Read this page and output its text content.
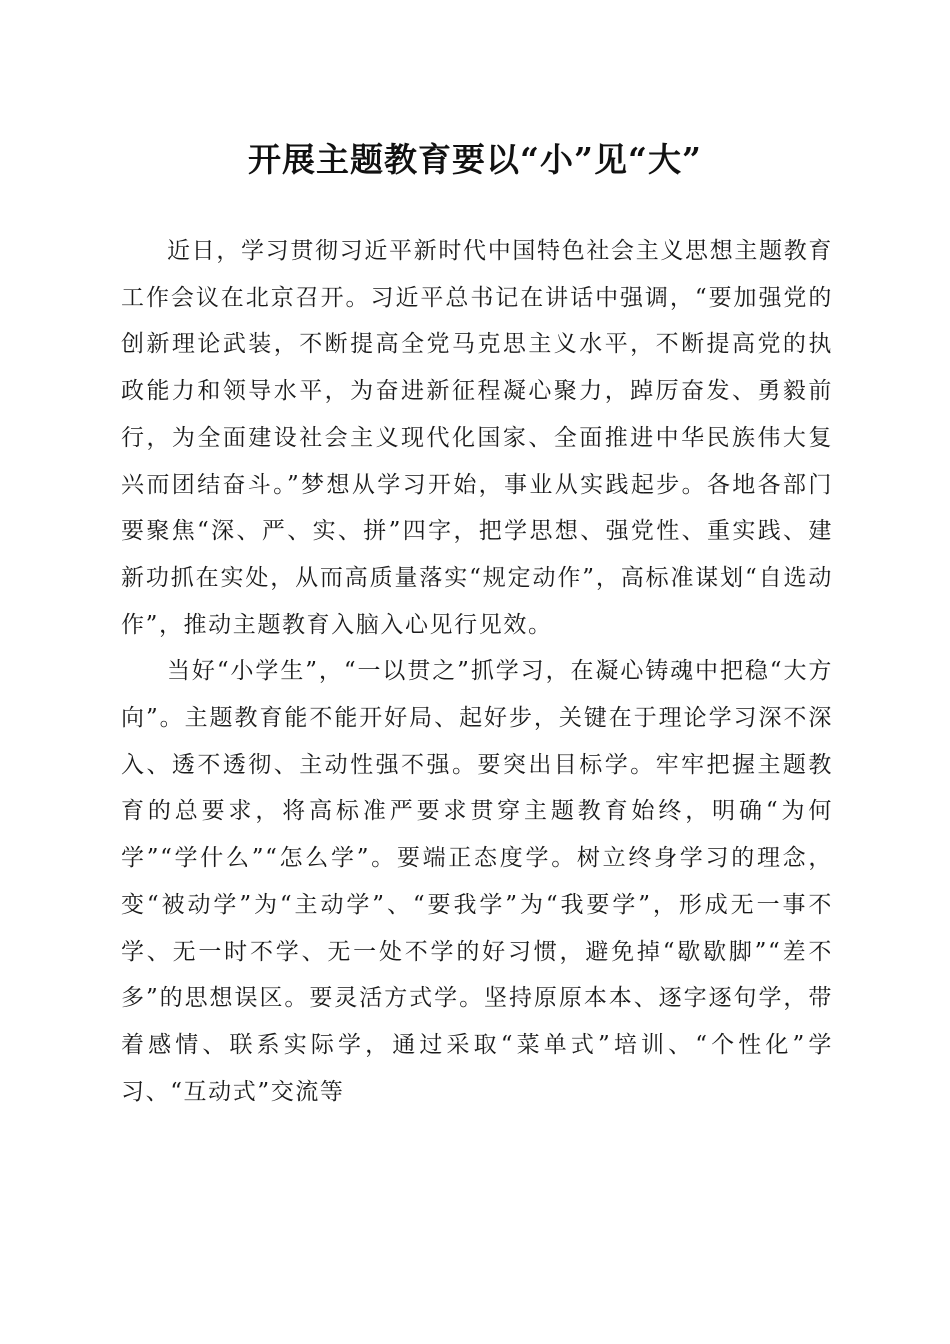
开展主题教育要以“小”见“大”

近日，学习贯彻习近平新时代中国特色社会主义思想主题教育工作会议在北京召开。习近平总书记在讲话中强调，“要加强党的创新理论武装，不断提高全党马克思主义水平，不断提高党的执政能力和领导水平，为奋进新征程凝心聚力，踔厉奋发、勇毅前行，为全面建设社会主义现代化国家、全面推进中华民族伟大复兴而团结奋斗。”梦想从学习开始，事业从实践起步。各地各部门要聚焦“深、严、实、拼”四字，把学思想、强党性、重实践、建新功抓在实处，从而高质量落实“规定动作”，高标准谋划“自选动作”，推动主题教育入脑入心见行见效。

当好“小学生”，“一以贯之”抓学习，在凝心铸魂中把稳“大方向”。主题教育能不能开好局、起好步，关键在于理论学习深不深入、透不透彻、主动性强不强。要突出目标学。牢牢把握主题教育的总要求，将高标准严要求贯穿主题教育始终，明确“为何学”“学什么”“怎么学”。要端正态度学。树立终身学习的理念，变“被动学”为“主动学”、“要我学”为“我要学”，形成无一事不学、无一时不学、无一处不学的好习惯，避免掉“歇歇脚”“差不多”的思想误区。要灵活方式学。坚持原原本本、逐字逐句学，带着感情、联系实际学，通过采取“菜单式”培训、“个性化”学习、“互动式”交流等
